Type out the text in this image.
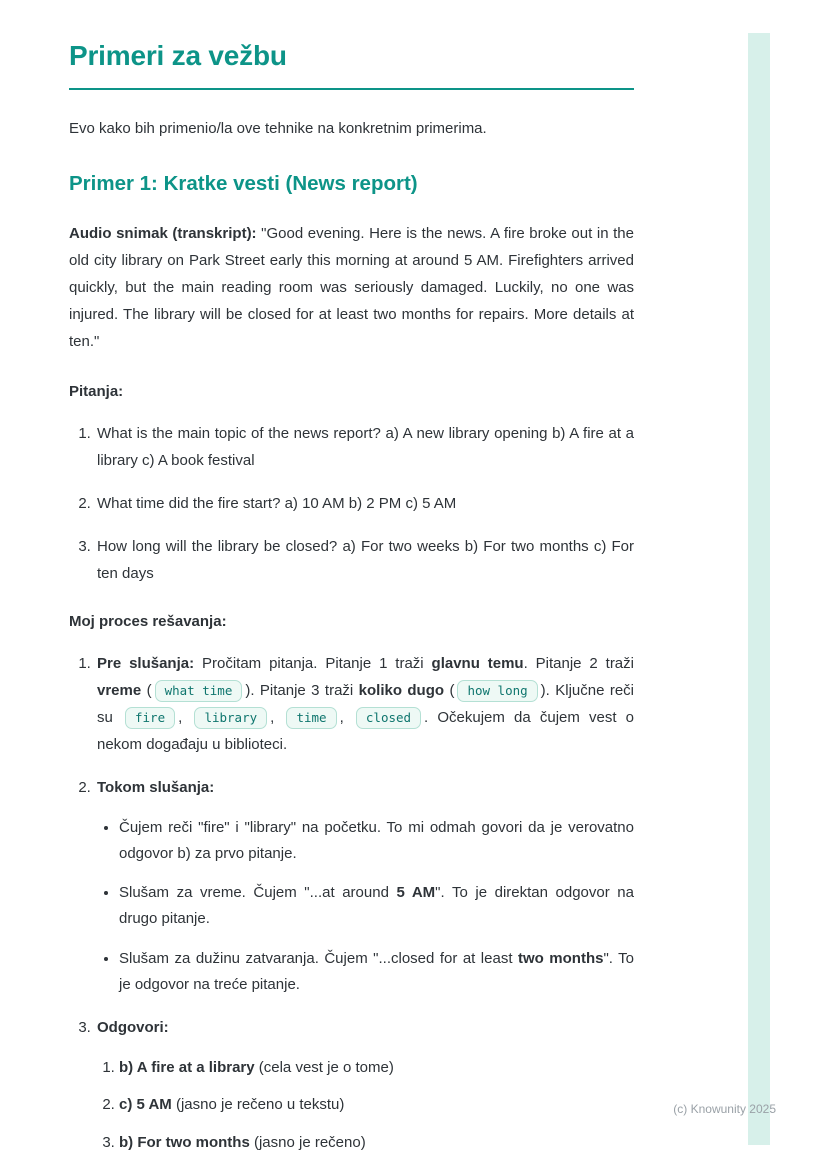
Primeri za vežbu

Evo kako bih primenio/la ove tehnike na konkretnim primerima.

Primer 1: Kratke vesti (News report)

Audio snimak (transkript): "Good evening. Here is the news. A fire broke out in the old city library on Park Street early this morning at around 5 AM. Firefighters arrived quickly, but the main reading room was seriously damaged. Luckily, no one was injured. The library will be closed for at least two months for repairs. More details at ten."

Pitanja:

1. What is the main topic of the news report? a) A new library opening b) A fire at a library c) A book festival
2. What time did the fire start? a) 10 AM b) 2 PM c) 5 AM
3. How long will the library be closed? a) For two weeks b) For two months c) For ten days

Moj proces rešavanja:

1. Pre slušanja: Pročitam pitanja. Pitanje 1 traži glavnu temu. Pitanje 2 traži vreme ( what time ). Pitanje 3 traži koliko dugo ( how long ). Ključne reči su fire , library , time , closed . Očekujem da čujem vest o nekom događaju u biblioteci.
2. Tokom slušanja:
• Čujem reči "fire" i "library" na početku. To mi odmah govori da je verovatno odgovor b) za prvo pitanje.
• Slušam za vreme. Čujem "...at around 5 AM". To je direktan odgovor na drugo pitanje.
• Slušam za dužinu zatvaranja. Čujem "...closed for at least two months". To je odgovor na treće pitanje.
3. Odgovori:
1. b) A fire at a library (cela vest je o tome)
2. c) 5 AM (jasno je rečeno u tekstu)
3. b) For two months (jasno je rečeno)
(c) Knowunity 2025
